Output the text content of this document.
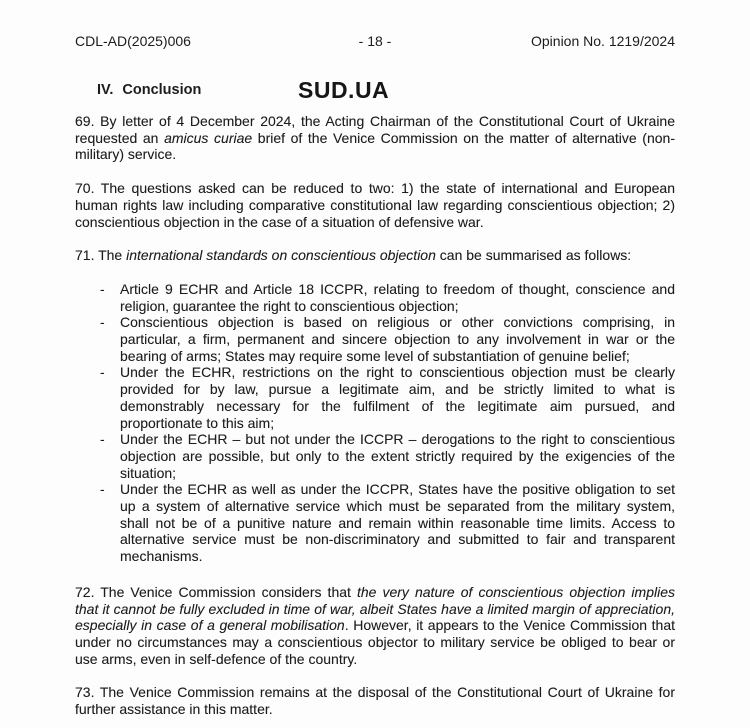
CDL-AD(2025)006	- 18 -	Opinion No. 1219/2024
IV. Conclusion	SUD.UA

69. By letter of 4 December 2024, the Acting Chairman of the Constitutional Court of Ukraine requested an amicus curiae brief of the Venice Commission on the matter of alternative (non-military) service.

70. The questions asked can be reduced to two: 1) the state of international and European human rights law including comparative constitutional law regarding conscientious objection; 2) conscientious objection in the case of a situation of defensive war.

71. The international standards on conscientious objection can be summarised as follows:

- Article 9 ECHR and Article 18 ICCPR, relating to freedom of thought, conscience and religion, guarantee the right to conscientious objection;
- Conscientious objection is based on religious or other convictions comprising, in particular, a firm, permanent and sincere objection to any involvement in war or the bearing of arms; States may require some level of substantiation of genuine belief;
- Under the ECHR, restrictions on the right to conscientious objection must be clearly provided for by law, pursue a legitimate aim, and be strictly limited to what is demonstrably necessary for the fulfilment of the legitimate aim pursued, and proportionate to this aim;
- Under the ECHR – but not under the ICCPR – derogations to the right to conscientious objection are possible, but only to the extent strictly required by the exigencies of the situation;
- Under the ECHR as well as under the ICCPR, States have the positive obligation to set up a system of alternative service which must be separated from the military system, shall not be of a punitive nature and remain within reasonable time limits. Access to alternative service must be non-discriminatory and submitted to fair and transparent mechanisms.

72. The Venice Commission considers that the very nature of conscientious objection implies that it cannot be fully excluded in time of war, albeit States have a limited margin of appreciation, especially in case of a general mobilisation. However, it appears to the Venice Commission that under no circumstances may a conscientious objector to military service be obliged to bear or use arms, even in self-defence of the country.

73. The Venice Commission remains at the disposal of the Constitutional Court of Ukraine for further assistance in this matter.
